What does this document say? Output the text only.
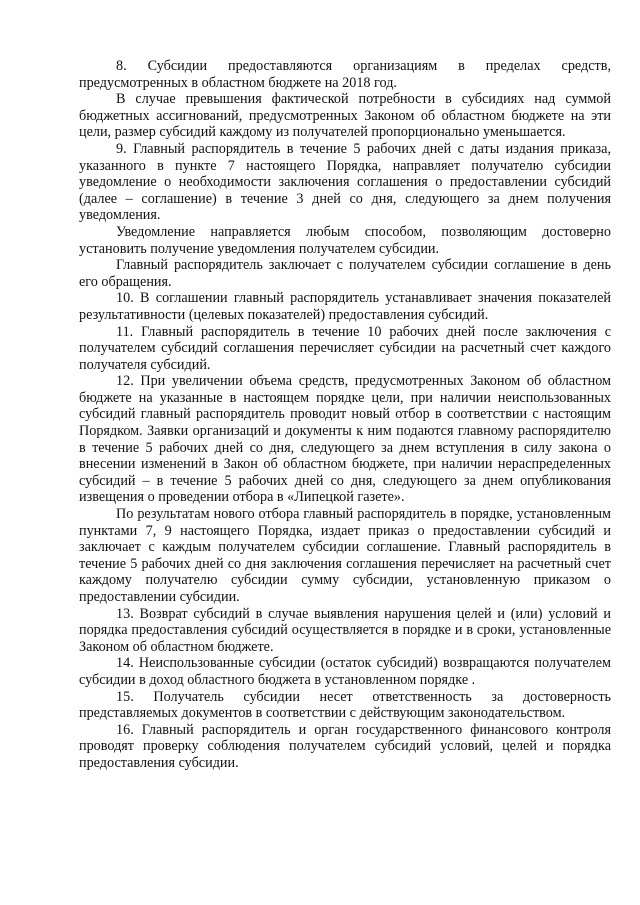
8. Субсидии предоставляются организациям в пределах средств, предусмотренных в областном бюджете на 2018 год.

В случае превышения фактической потребности в субсидиях над суммой бюджетных ассигнований, предусмотренных Законом об областном бюджете на эти цели, размер субсидий каждому из получателей пропорционально уменьшается.

9. Главный распорядитель в течение 5 рабочих дней с даты издания приказа, указанного в пункте 7 настоящего Порядка, направляет получателю субсидии уведомление о необходимости заключения соглашения о предоставлении субсидий (далее – соглашение) в течение 3 дней со дня, следующего за днем получения уведомления.

Уведомление направляется любым способом, позволяющим достоверно установить получение уведомления получателем субсидии.

Главный распорядитель заключает с получателем субсидии соглашение в день его обращения.

10. В соглашении главный распорядитель устанавливает значения показателей результативности (целевых показателей) предоставления субсидий.

11. Главный распорядитель в течение 10 рабочих дней после заключения с получателем субсидий соглашения перечисляет субсидии на расчетный счет каждого получателя субсидий.

12. При увеличении объема средств, предусмотренных Законом об областном бюджете на указанные в настоящем порядке цели, при наличии неиспользованных субсидий главный распорядитель проводит новый отбор в соответствии с настоящим Порядком. Заявки организаций и документы к ним подаются главному распорядителю в течение 5 рабочих дней со дня, следующего за днем вступления в силу закона о внесении изменений в Закон об областном бюджете, при наличии нераспределенных субсидий – в течение 5 рабочих дней со дня, следующего за днем опубликования извещения о проведении отбора в «Липецкой газете».

По результатам нового отбора главный распорядитель в порядке, установленным пунктами 7, 9 настоящего Порядка, издает приказ о предоставлении субсидий и заключает с каждым получателем субсидии соглашение. Главный распорядитель в течение 5 рабочих дней со дня заключения соглашения перечисляет на расчетный счет каждому получателю субсидии сумму субсидии, установленную приказом о предоставлении субсидии.

13. Возврат субсидий в случае выявления нарушения целей и (или) условий и порядка предоставления субсидий осуществляется в порядке и в сроки, установленные Законом об областном бюджете.

14. Неиспользованные субсидии (остаток субсидий) возвращаются получателем субсидии в доход областного бюджета в установленном порядке .

15. Получатель субсидии несет ответственность за достоверность представляемых документов в соответствии с действующим законодательством.

16. Главный распорядитель и орган государственного финансового контроля проводят проверку соблюдения получателем субсидий условий, целей и порядка предоставления субсидии.
